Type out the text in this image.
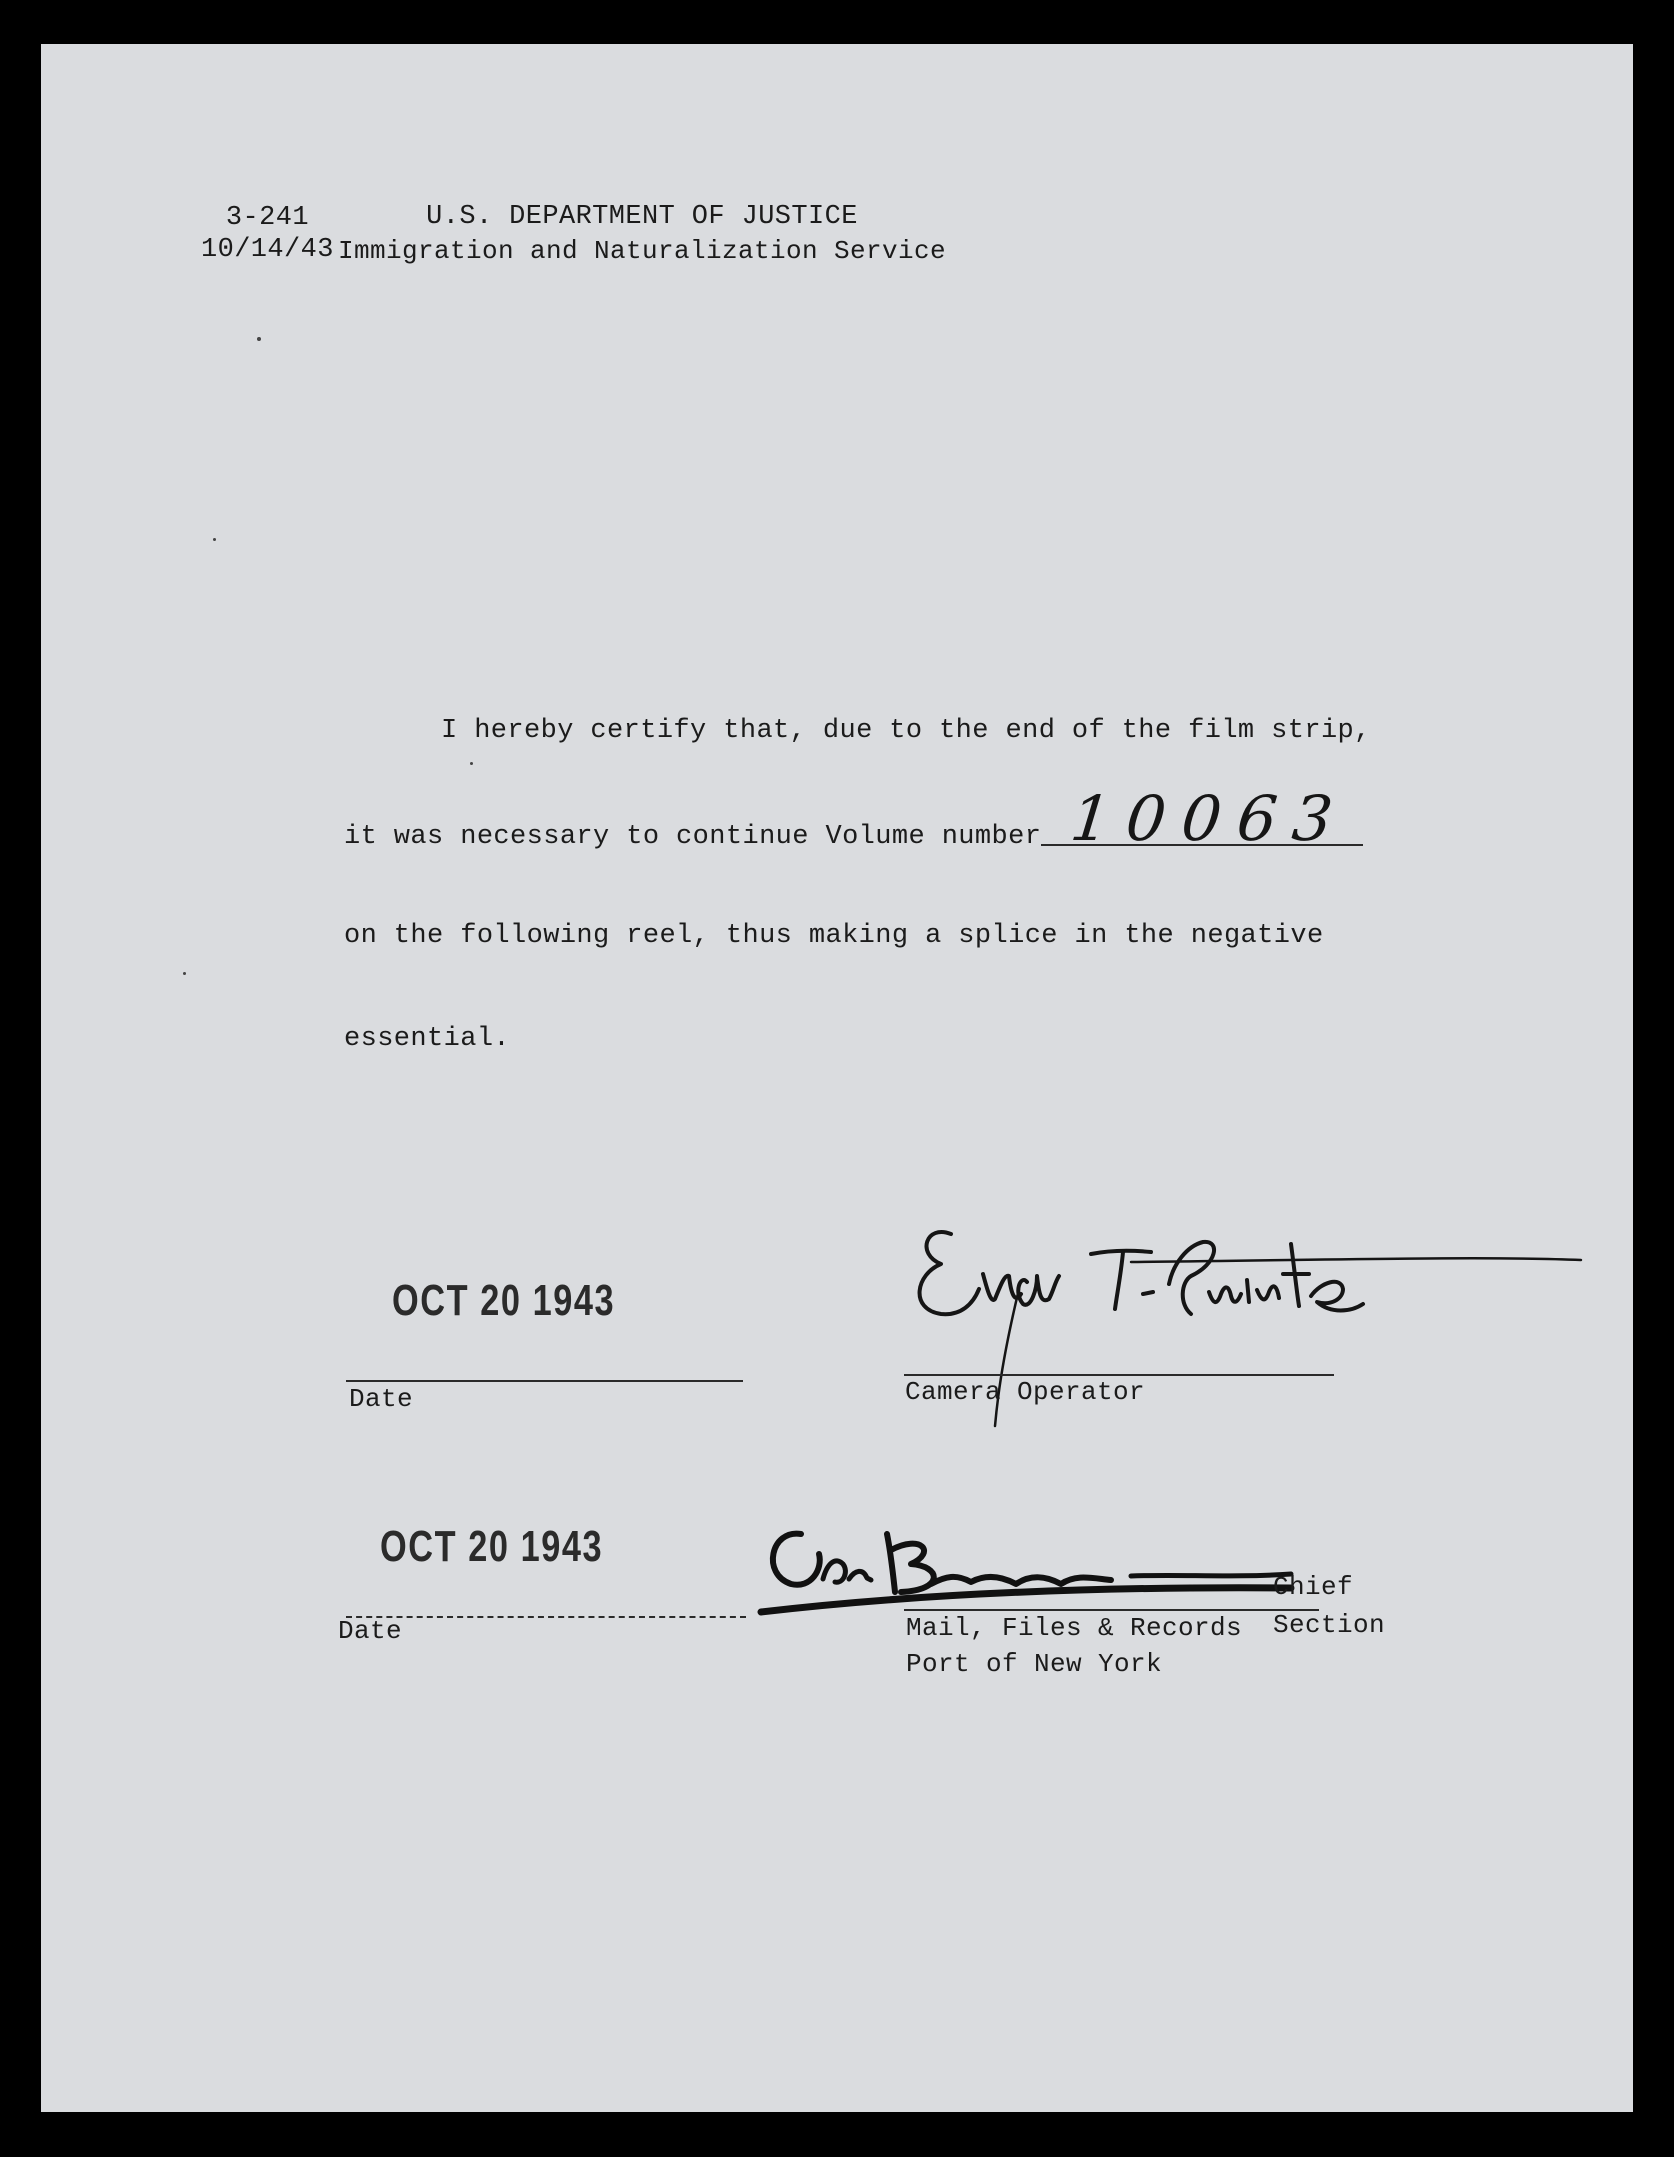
3-241
10/14/43
U.S. DEPARTMENT OF JUSTICE
Immigration and Naturalization Service
I hereby certify that, due to the end of the film strip,
it was necessary to continue Volume number 10063
on the following reel, thus making a splice in the negative
essential.
OCT 20 1943
Date	Camera Operator
OCT 20 1943
Date
Chief
Mail, Files & Records Section
Port of New York
